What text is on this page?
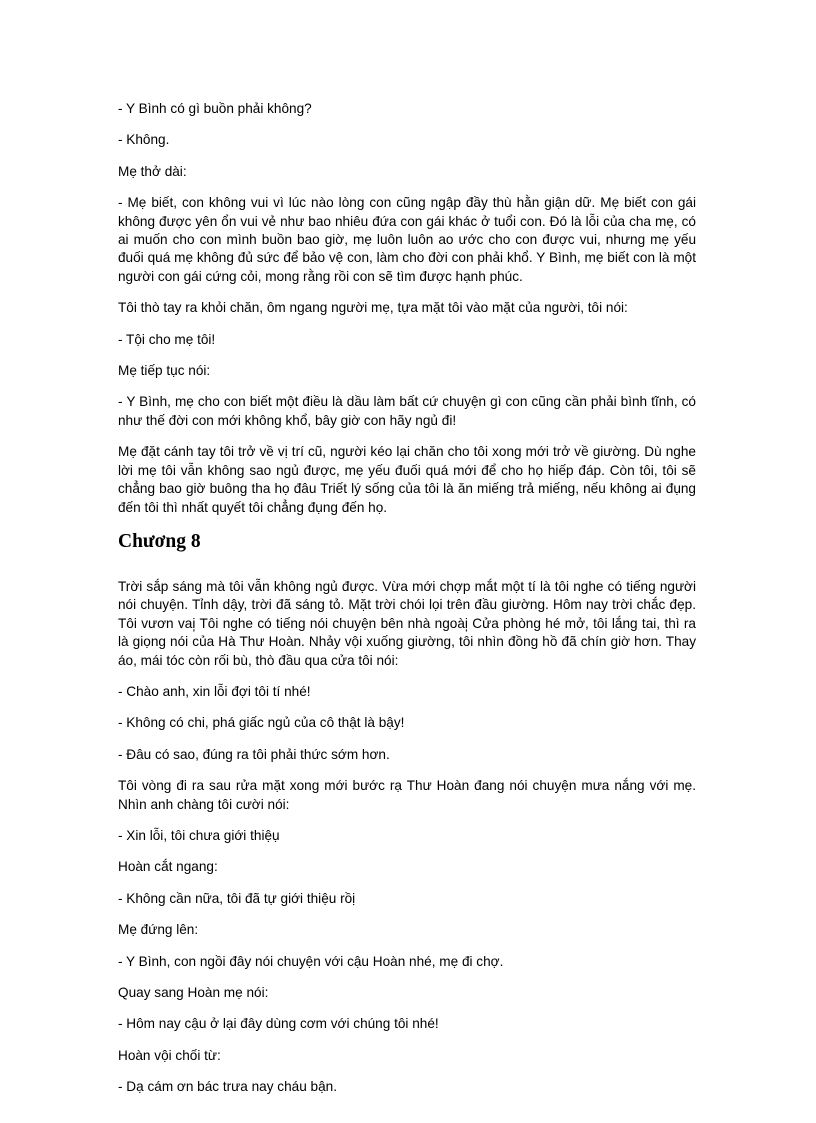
- Y Bình có gì buồn phải không?

- Không.

Mẹ thở dài:

- Mẹ biết, con không vui vì lúc nào lòng con cũng ngập đầy thù hằn giận dữ. Mẹ biết con gái không được yên ổn vui vẻ như bao nhiêu đứa con gái khác ở tuổi con. Đó là lỗi của cha mẹ, có ai muốn cho con mình buồn bao giờ, mẹ luôn luôn ao ước cho con được vui, nhưng mẹ yếu đuối quá mẹ không đủ sức để bảo vệ con, làm cho đời con phải khổ. Y Bình, mẹ biết con là một người con gái cứng cỏi, mong rằng rồi con sẽ tìm được hạnh phúc.

Tôi thò tay ra khỏi chăn, ôm ngang người mẹ, tựa mặt tôi vào mặt của người, tôi nói:

- Tội cho mẹ tôi!

Mẹ tiếp tục nói:

- Y Bình, mẹ cho con biết một điều là dầu làm bất cứ chuyện gì con cũng cần phải bình tĩnh, có như thế đời con mới không khổ, bây giờ con hãy ngủ đi!

Mẹ đặt cánh tay tôi trở về vị trí cũ, người kéo lại chăn cho tôi xong mới trở về giường. Dù nghe lời mẹ tôi vẫn không sao ngủ được, mẹ yếu đuối quá mới để cho họ hiếp đáp. Còn tôi, tôi sẽ chẳng bao giờ buông tha họ đâu Triết lý sống của tôi là ăn miếng trả miếng, nếu không ai đụng đến tôi thì nhất quyết tôi chẳng đụng đến họ.

Chương 8

Trời sắp sáng mà tôi vẫn không ngủ được. Vừa mới chợp mắt một tí là tôi nghe có tiếng người nói chuyện. Tỉnh dậy, trời đã sáng tỏ. Mặt trời chói lọi trên đầu giường. Hôm nay trời chắc đẹp. Tôi vươn vai̦ Tôi nghe có tiếng nói chuyện bên nhà ngoài̦ Cửa phòng hé mở, tôi lắng tai, thì ra là giọng nói của Hà Thư Hoàn. Nhảy vội xuống giường, tôi nhìn đồng hồ đã chín giờ hơn. Thay áo, mái tóc còn rối bù, thò đầu qua cửa tôi nói:

- Chào anh, xin lỗi đợi tôi tí nhé!

- Không có chi, phá giấc ngủ của cô thật là bậy!

- Đâu có sao, đúng ra tôi phải thức sớm hơn.

Tôi vòng đi ra sau rửa mặt xong mới bước rạ Thư Hoàn đang nói chuyện mưa nắng với mẹ. Nhìn anh chàng tôi cười nói:

- Xin lỗi, tôi chưa giới thiệụ

Hoàn cắt ngang:

- Không cần nữa, tôi đã tự giới thiệu rồị

Mẹ đứng lên:

- Y Bình, con ngồi đây nói chuyện với cậu Hoàn nhé, mẹ đi chợ.

Quay sang Hoàn mẹ nói:

- Hôm nay cậu ở lại đây dùng cơm với chúng tôi nhé!

Hoàn vội chối từ:

- Dạ cám ơn bác trưa nay cháu bận.
